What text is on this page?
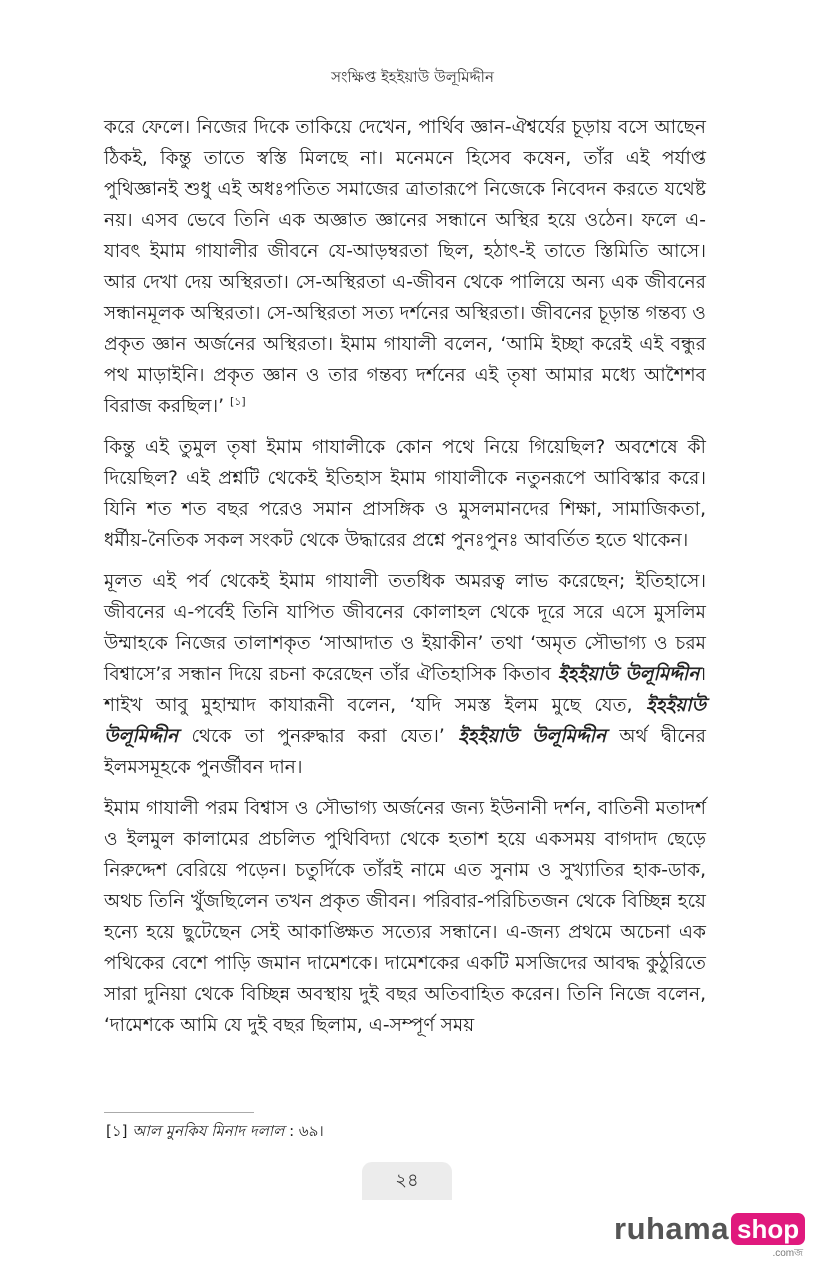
সংক্ষিপ্ত ইহইয়াউ উলূমিদ্দীন

করে ফেলে। নিজের দিকে তাকিয়ে দেখেন, পার্থিব জ্ঞান-ঐশ্বর্যের চূড়ায় বসে আছেন ঠিকই, কিন্তু তাতে স্বস্তি মিলছে না। মনেমনে হিসেব কষেন, তাঁর এই পর্যাপ্ত পুথিজ্ঞানই শুধু এই অধঃপতিত সমাজের ত্রাতারূপে নিজেকে নিবেদন করতে যথেষ্ট নয়। এসব ভেবে তিনি এক অজ্ঞাত জ্ঞানের সন্ধানে অস্থির হয়ে ওঠেন। ফলে এ-যাবৎ ইমাম গাযালীর জীবনে যে-আড়ম্বরতা ছিল, হঠাৎ-ই তাতে স্তিমিতি আসে। আর দেখা দেয় অস্থিরতা। সে-অস্থিরতা এ-জীবন থেকে পালিয়ে অন্য এক জীবনের সন্ধানমূলক অস্থিরতা। সে-অস্থিরতা সত্য দর্শনের অস্থিরতা। জীবনের চূড়ান্ত গন্তব্য ও প্রকৃত জ্ঞান অর্জনের অস্থিরতা। ইমাম গাযালী বলেন, ‘আমি ইচ্ছা করেই এই বন্ধুর পথ মাড়াইনি। প্রকৃত জ্ঞান ও তার গন্তব্য দর্শনের এই তৃষা আমার মধ্যে আশৈশব বিরাজ করছিল।’ [১]

কিন্তু এই তুমুল তৃষা ইমাম গাযালীকে কোন পথে নিয়ে গিয়েছিল? অবশেষে কী দিয়েছিল? এই প্রশ্নটি থেকেই ইতিহাস ইমাম গাযালীকে নতুনরূপে আবিস্কার করে। যিনি শত শত বছর পরেও সমান প্রাসঙ্গিক ও মুসলমানদের শিক্ষা, সামাজিকতা, ধর্মীয়-নৈতিক সকল সংকট থেকে উদ্ধারের প্রশ্নে পুনঃপুনঃ আবর্তিত হতে থাকেন।

মূলত এই পর্ব থেকেই ইমাম গাযালী ততধিক অমরত্ব লাভ করেছেন; ইতিহাসে। জীবনের এ-পর্বেই তিনি যাপিত জীবনের কোলাহল থেকে দূরে সরে এসে মুসলিম উম্মাহকে নিজের তালাশকৃত ‘সাআদাত ও ইয়াকীন’ তথা ‘অমৃত সৌভাগ্য ও চরম বিশ্বাসে’র সন্ধান দিয়ে রচনা করেছেন তাঁর ঐতিহাসিক কিতাব ইহইয়াউ উলূমিদ্দীন। শাইখ আবু মুহাম্মাদ কাযারূনী বলেন, ‘যদি সমস্ত ইলম মুছে যেত, ইহইয়াউ উলূমিদ্দীন থেকে তা পুনরুদ্ধার করা যেত।’ ইহইয়াউ উলূমিদ্দীন অর্থ দ্বীনের ইলমসমূহকে পুনর্জীবন দান।

ইমাম গাযালী পরম বিশ্বাস ও সৌভাগ্য অর্জনের জন্য ইউনানী দর্শন, বাতিনী মতাদর্শ ও ইলমুল কালামের প্রচলিত পুথিবিদ্যা থেকে হতাশ হয়ে একসময় বাগদাদ ছেড়ে নিরুদ্দেশ বেরিয়ে পড়েন। চতুর্দিকে তাঁরই নামে এত সুনাম ও সুখ্যাতির হাক-ডাক, অথচ তিনি খুঁজছিলেন তখন প্রকৃত জীবন। পরিবার-পরিচিতজন থেকে বিচ্ছিন্ন হয়ে হন্যে হয়ে ছুটেছেন সেই আকাঙ্ক্ষিত সত্যের সন্ধানে। এ-জন্য প্রথমে অচেনা এক পথিকের বেশে পাড়ি জমান দামেশকে। দামেশকের একটি মসজিদের আবদ্ধ কুঠুরিতে সারা দুনিয়া থেকে বিচ্ছিন্ন অবস্থায় দুই বছর অতিবাহিত করেন। তিনি নিজে বলেন, ‘দামেশকে আমি যে দুই বছর ছিলাম, এ-সম্পূর্ণ সময়

[১] আল মুনকিয মিনাদ দলাল : ৬৯।
২৪
ruhama shop
.comজ
